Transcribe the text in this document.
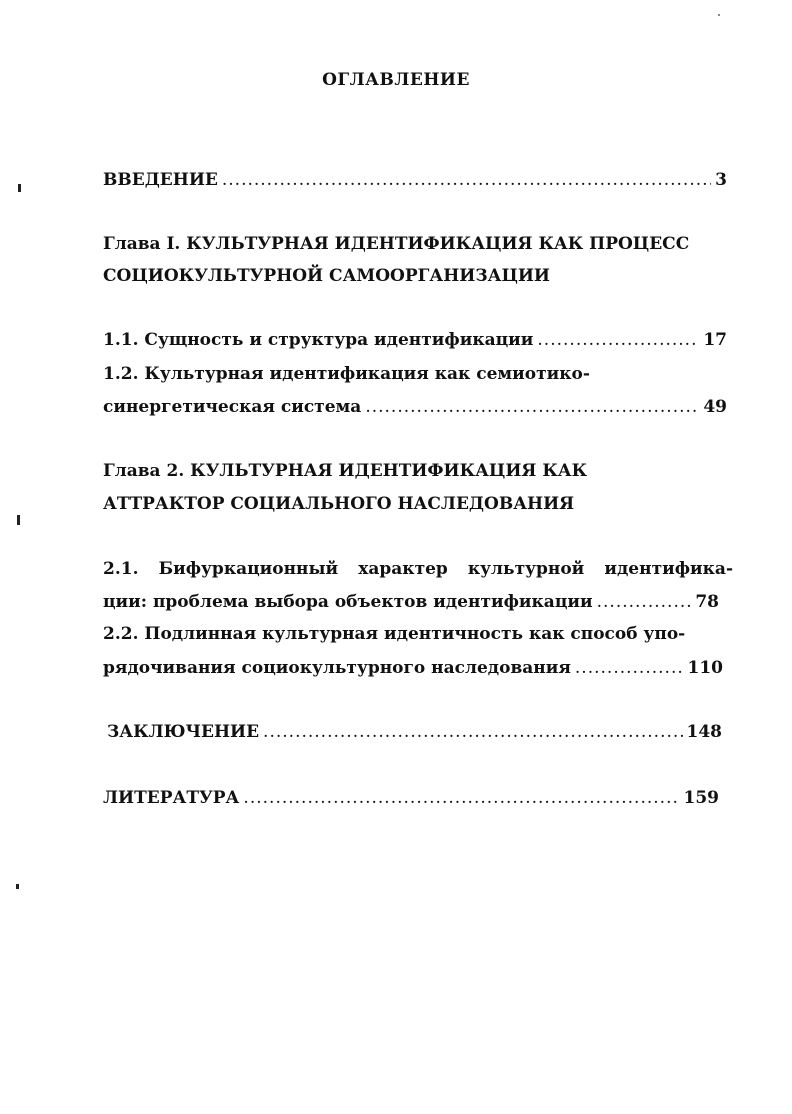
ОГЛАВЛЕНИЕ
ВВЕДЕНИЕ .....	3
Глава I. КУЛЬТУРНАЯ ИДЕНТИФИКАЦИЯ КАК ПРОЦЕСС
СОЦИОКУЛЬТУРНОЙ САМООРГАНИЗАЦИИ
1.1. Сущность и структура идентификации .....	17
1.2. Культурная идентификация как семиотико-
синергетическая система .....	49
Глава 2. КУЛЬТУРНАЯ ИДЕНТИФИКАЦИЯ КАК
АТТРАКТОР СОЦИАЛЬНОГО НАСЛЕДОВАНИЯ
2.1. Бифуркационный характер культурной идентифика-
ции: проблема выбора объектов идентификации .....	78
2.2. Подлинная культурная идентичность как способ упо-
рядочивания социокультурного наследования .....	110
ЗАКЛЮЧЕНИЕ .....	148
ЛИТЕРАТУРА .....	159
